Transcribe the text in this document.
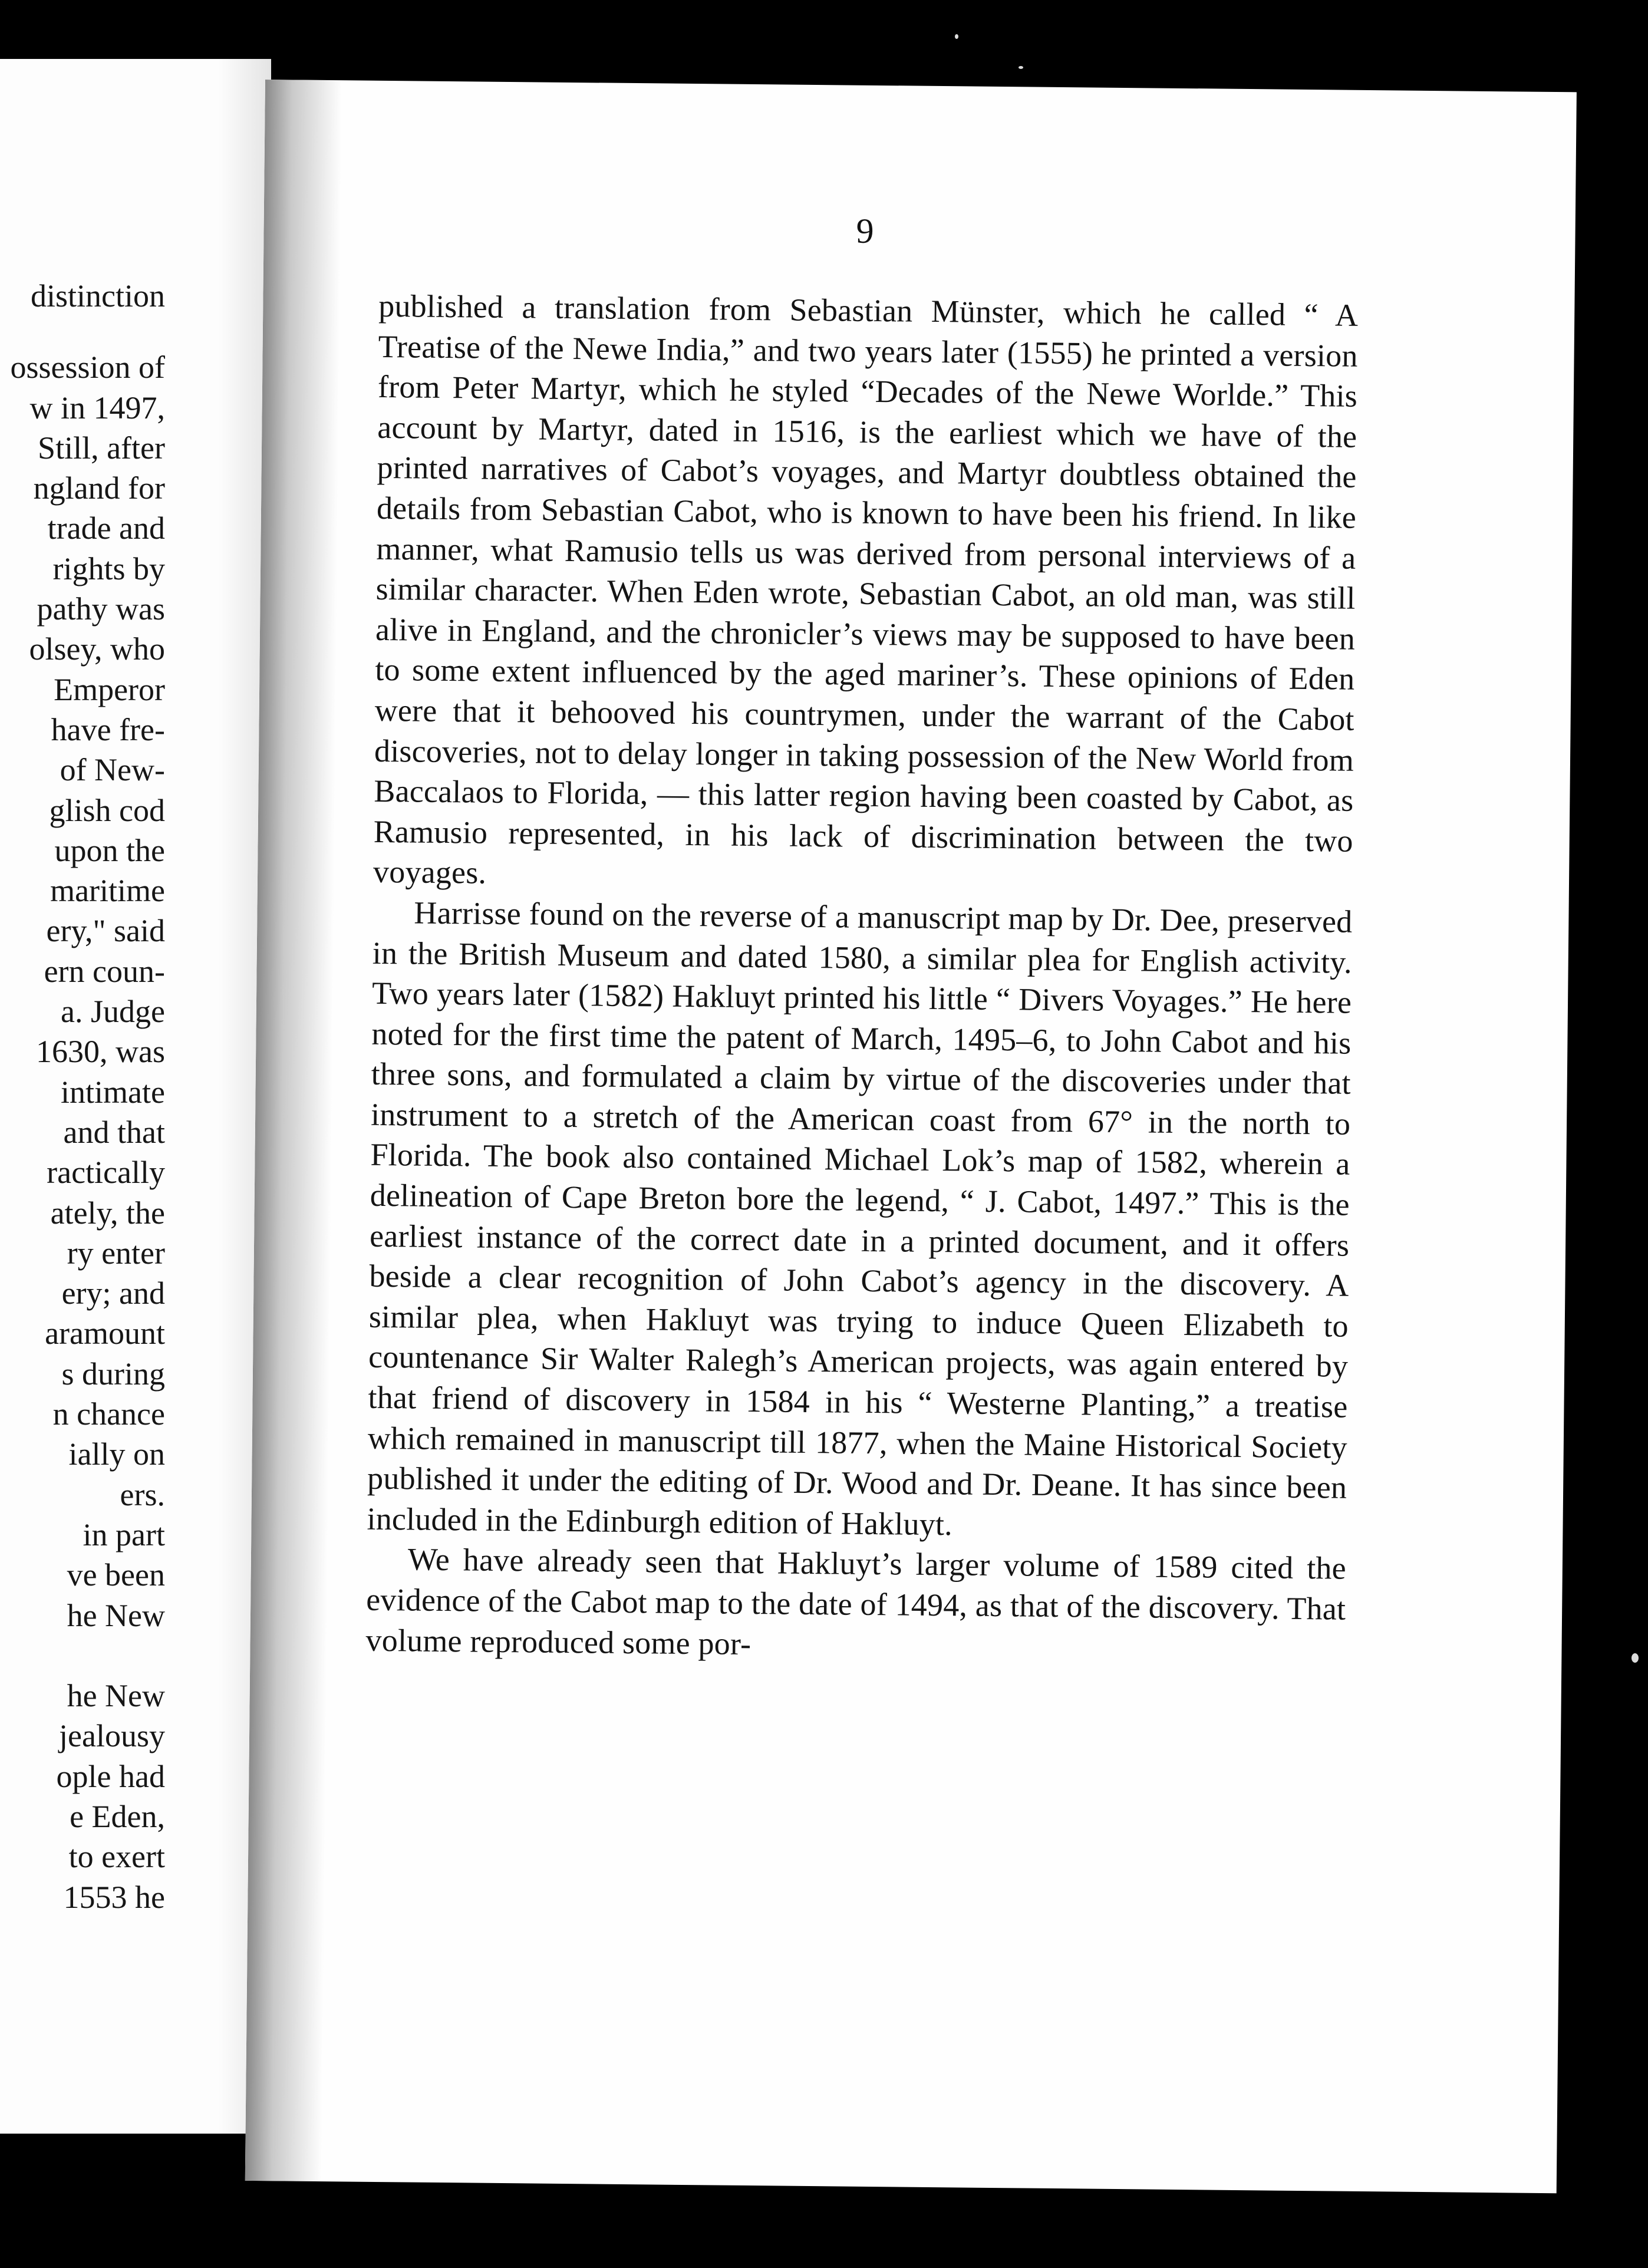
distinction
ossession of
w in 1497,
Still, after
ngland for
trade and
rights by
pathy was
olsey, who
Emperor
have fre-
of New-
glish cod
upon the
maritime
ery," said
ern coun-
a. Judge
1630, was
intimate
and that
ractically
ately, the
ry enter
ery; and
aramount
s during
n chance
ially on
ers.
in part
ve been
he New

he New
jealousy
ople had
e Eden,
to exert
1553 he
9

published a translation from Sebastian Münster, which he called “ A Treatise of the Newe India,” and two years later (1555) he printed a version from Peter Martyr, which he styled “Decades of the Newe Worlde.” This account by Martyr, dated in 1516, is the earliest which we have of the printed narratives of Cabot’s voyages, and Martyr doubtless obtained the details from Sebastian Cabot, who is known to have been his friend. In like manner, what Ramusio tells us was derived from personal interviews of a similar character. When Eden wrote, Sebastian Cabot, an old man, was still alive in England, and the chronicler’s views may be supposed to have been to some extent influenced by the aged mariner’s. These opinions of Eden were that it behooved his countrymen, under the warrant of the Cabot discoveries, not to delay longer in taking possession of the New World from Baccalaos to Florida, — this latter region having been coasted by Cabot, as Ramusio represented, in his lack of discrimination between the two voyages.

Harrisse found on the reverse of a manuscript map by Dr. Dee, preserved in the British Museum and dated 1580, a similar plea for English activity. Two years later (1582) Hakluyt printed his little “ Divers Voyages.” He here noted for the first time the patent of March, 1495–6, to John Cabot and his three sons, and formulated a claim by virtue of the discoveries under that instrument to a stretch of the American coast from 67° in the north to Florida. The book also contained Michael Lok’s map of 1582, wherein a delineation of Cape Breton bore the legend, “ J. Cabot, 1497.” This is the earliest instance of the correct date in a printed document, and it offers beside a clear recognition of John Cabot’s agency in the discovery. A similar plea, when Hakluyt was trying to induce Queen Elizabeth to countenance Sir Walter Ralegh’s American projects, was again entered by that friend of discovery in 1584 in his “ Westerne Planting,” a treatise which remained in manuscript till 1877, when the Maine Historical Society published it under the editing of Dr. Wood and Dr. Deane. It has since been included in the Edinburgh edition of Hakluyt.

We have already seen that Hakluyt’s larger volume of 1589 cited the evidence of the Cabot map to the date of 1494, as that of the discovery. That volume reproduced some por-
